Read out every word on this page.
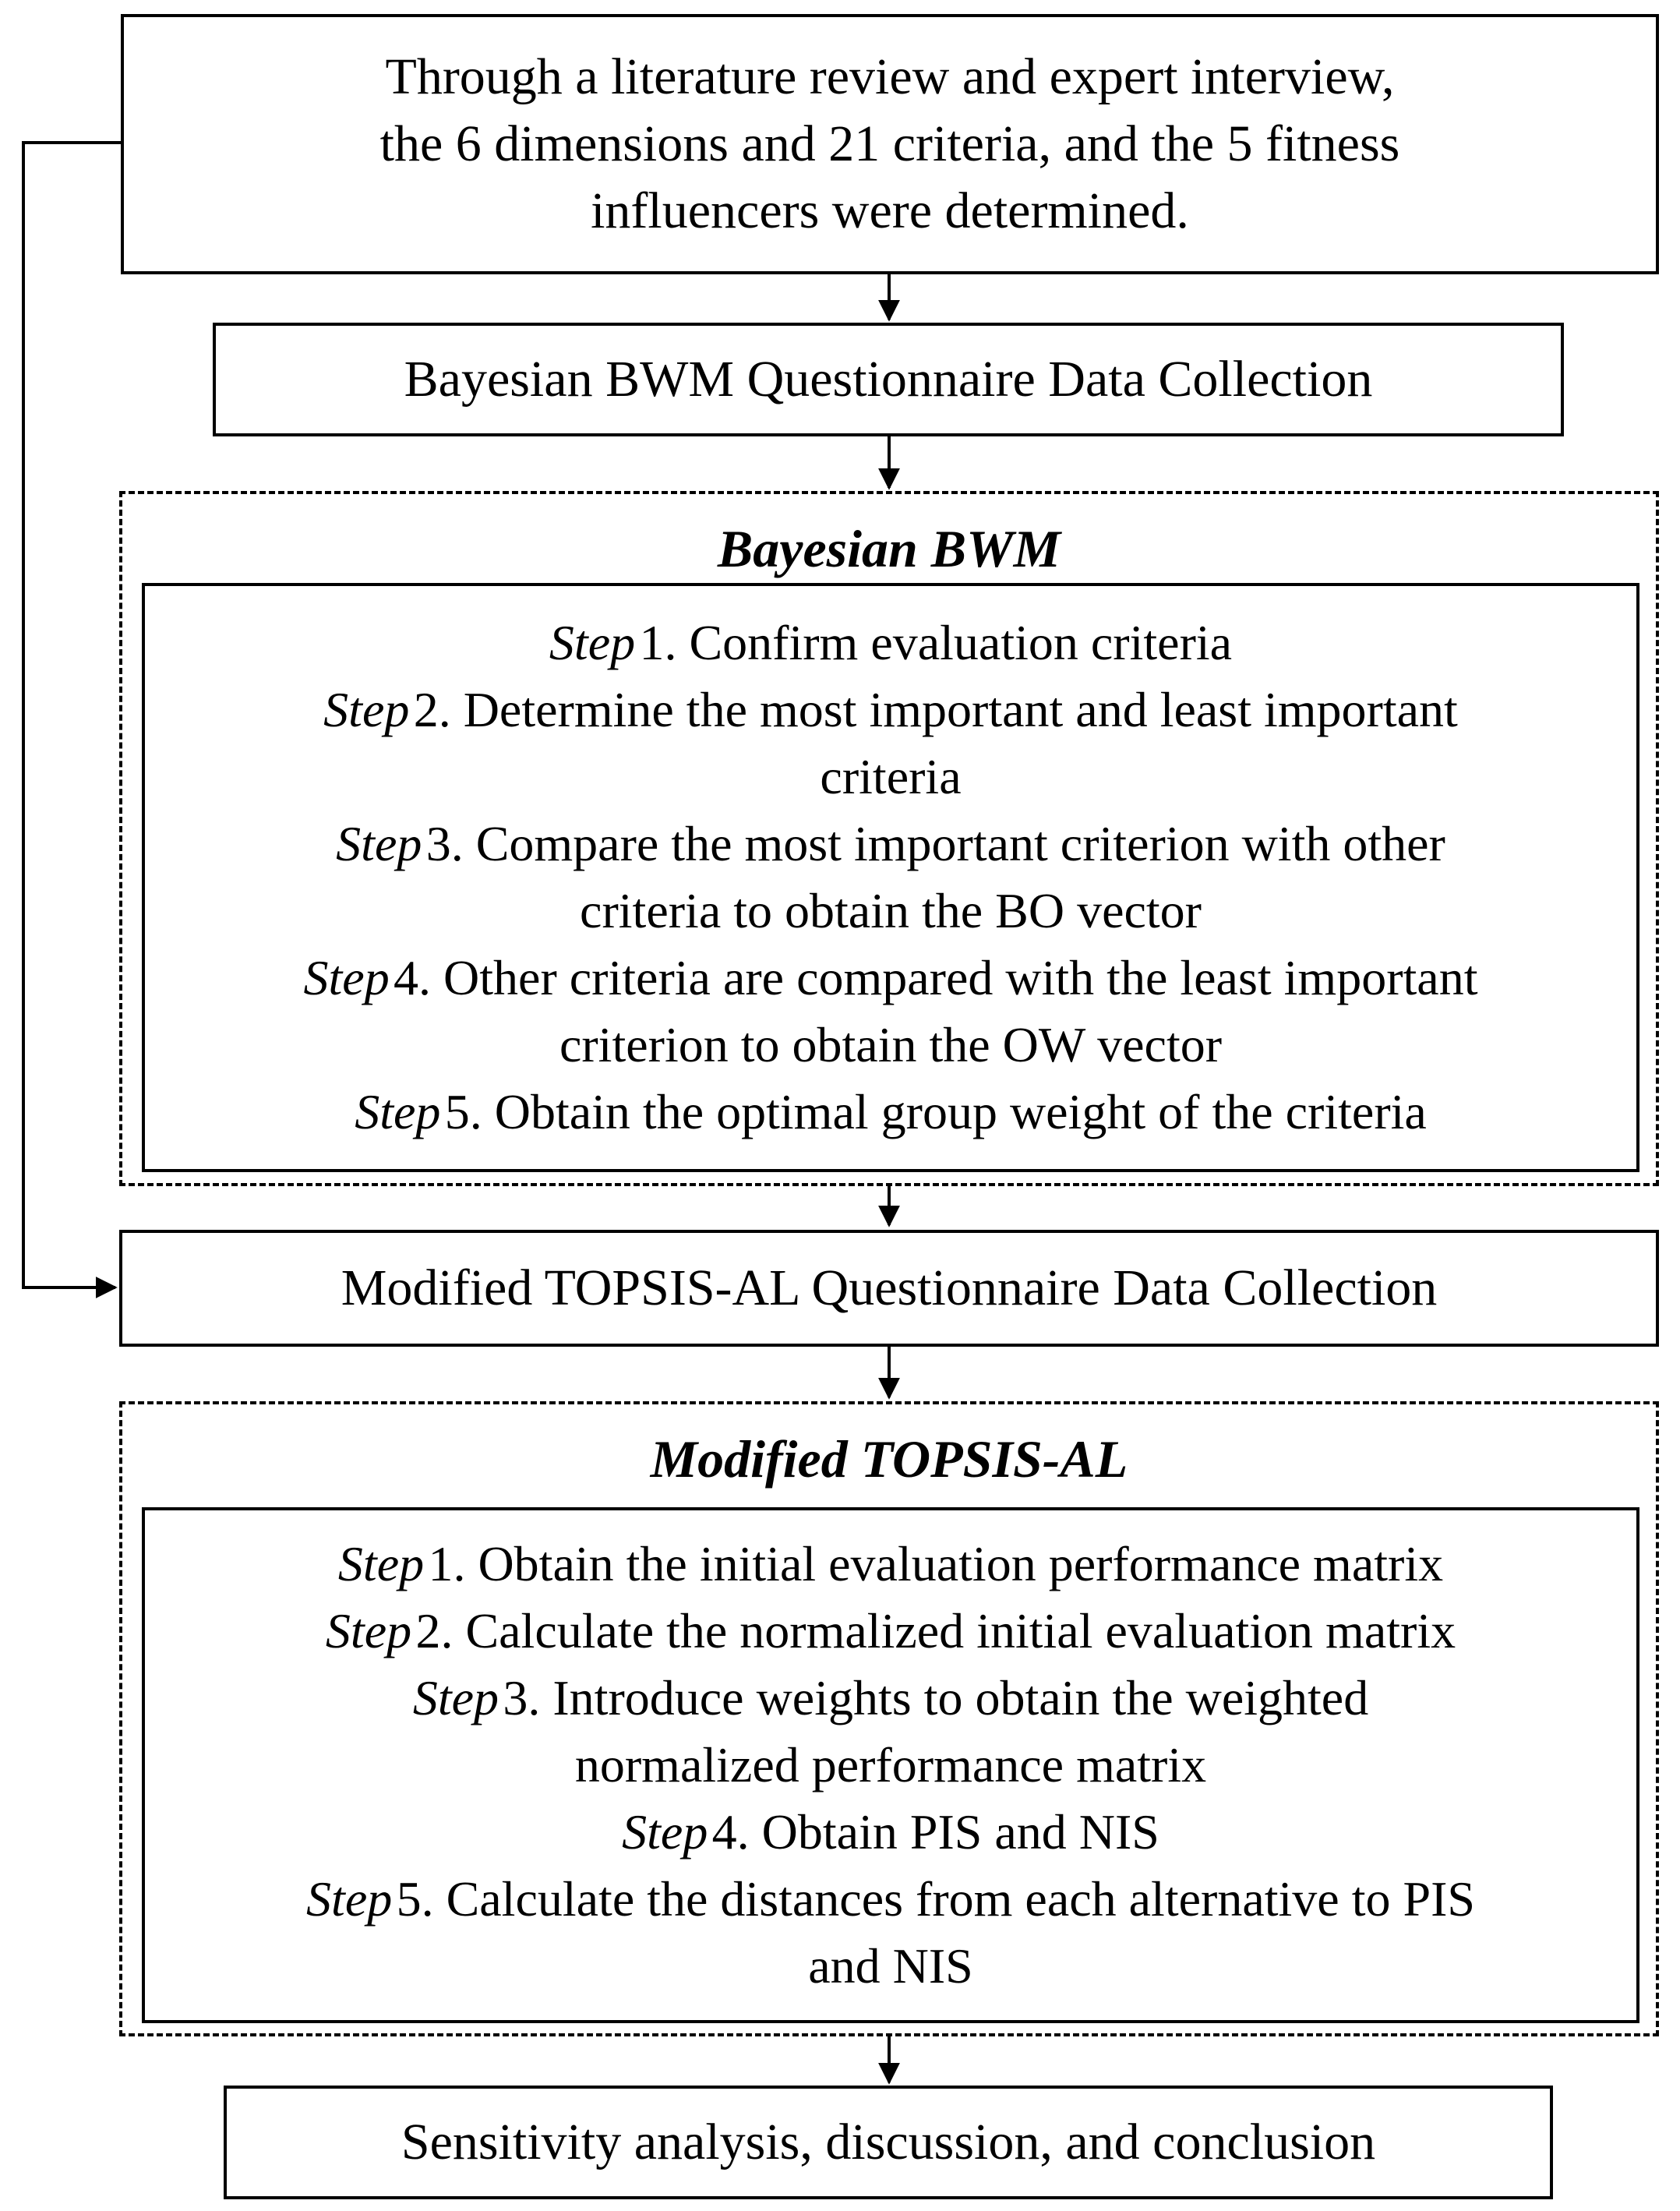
Through a literature review and expert interview,
the 6 dimensions and 21 criteria, and the 5 fitness
influencers were determined.
Bayesian BWM Questionnaire Data Collection
Bayesian BWM
Step 1. Confirm evaluation criteria
Step 2. Determine the most important and least important
criteria
Step 3. Compare the most important criterion with other
criteria to obtain the BO vector
Step 4. Other criteria are compared with the least important
criterion to obtain the OW vector
Step 5. Obtain the optimal group weight of the criteria
Modified TOPSIS-AL Questionnaire Data Collection
Modified TOPSIS-AL
Step 1. Obtain the initial evaluation performance matrix
Step 2. Calculate the normalized initial evaluation matrix
Step 3. Introduce weights to obtain the weighted
normalized performance matrix
Step 4. Obtain PIS and NIS
Step 5. Calculate the distances from each alternative to PIS
and NIS
Sensitivity analysis, discussion, and conclusion
